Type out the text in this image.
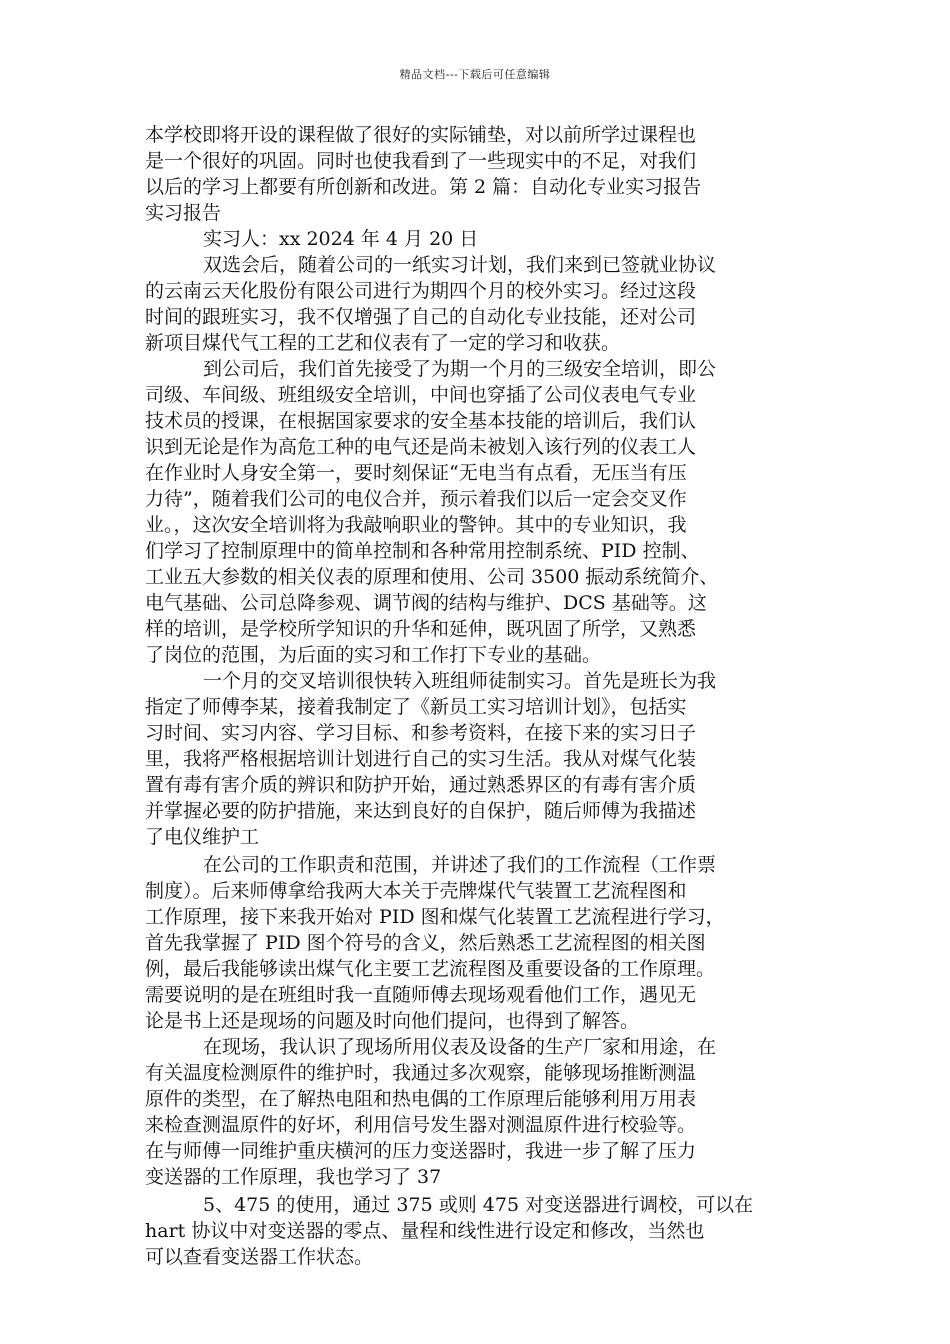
精品文档---下载后可任意编辑
本学校即将开设的课程做了很好的实际铺垫，对以前所学过课程也
是一个很好的巩固。同时也使我看到了一些现实中的不足，对我们
以后的学习上都要有所创新和改进。第 2 篇：自动化专业实习报告
实习报告
实习人：xx 2024 年 4 月 20 日
双选会后，随着公司的一纸实习计划，我们来到已签就业协议
的云南云天化股份有限公司进行为期四个月的校外实习。经过这段
时间的跟班实习，我不仅增强了自己的自动化专业技能，还对公司
新项目煤代气工程的工艺和仪表有了一定的学习和收获。
到公司后，我们首先接受了为期一个月的三级安全培训，即公
司级、车间级、班组级安全培训，中间也穿插了公司仪表电气专业
技术员的授课，在根据国家要求的安全基本技能的培训后，我们认
识到无论是作为高危工种的电气还是尚未被划入该行列的仪表工人
在作业时人身安全第一，要时刻保证“无电当有点看，无压当有压
力待”，随着我们公司的电仪合并，预示着我们以后一定会交叉作
业。，这次安全培训将为我敲响职业的警钟。其中的专业知识，我
们学习了控制原理中的简单控制和各种常用控制系统、PID 控制、
工业五大参数的相关仪表的原理和使用、公司 3500 振动系统简介、
电气基础、公司总降参观、调节阀的结构与维护、DCS 基础等。这
样的培训，是学校所学知识的升华和延伸，既巩固了所学，又熟悉
了岗位的范围，为后面的实习和工作打下专业的基础。
一个月的交叉培训很快转入班组师徒制实习。首先是班长为我
指定了师傅李某，接着我制定了《新员工实习培训计划》，包括实
习时间、实习内容、学习目标、和参考资料，在接下来的实习日子
里，我将严格根据培训计划进行自己的实习生活。我从对煤气化装
置有毒有害介质的辨识和防护开始，通过熟悉界区的有毒有害介质
并掌握必要的防护措施，来达到良好的自保护，随后师傅为我描述
了电仪维护工
在公司的工作职责和范围，并讲述了我们的工作流程（工作票
制度）。后来师傅拿给我两大本关于壳牌煤代气装置工艺流程图和
工作原理，接下来我开始对 PID 图和煤气化装置工艺流程进行学习，
首先我掌握了 PID 图个符号的含义，然后熟悉工艺流程图的相关图
例，最后我能够读出煤气化主要工艺流程图及重要设备的工作原理。
需要说明的是在班组时我一直随师傅去现场观看他们工作，遇见无
论是书上还是现场的问题及时向他们提问，也得到了解答。
在现场，我认识了现场所用仪表及设备的生产厂家和用途，在
有关温度检测原件的维护时，我通过多次观察，能够现场推断测温
原件的类型，在了解热电阻和热电偶的工作原理后能够利用万用表
来检查测温原件的好坏，利用信号发生器对测温原件进行校验等。
在与师傅一同维护重庆横河的压力变送器时，我进一步了解了压力
变送器的工作原理，我也学习了 37
5、475 的使用，通过 375 或则 475 对变送器进行调校，可以在
hart 协议中对变送器的零点、量程和线性进行设定和修改，当然也
可以查看变送器工作状态。
